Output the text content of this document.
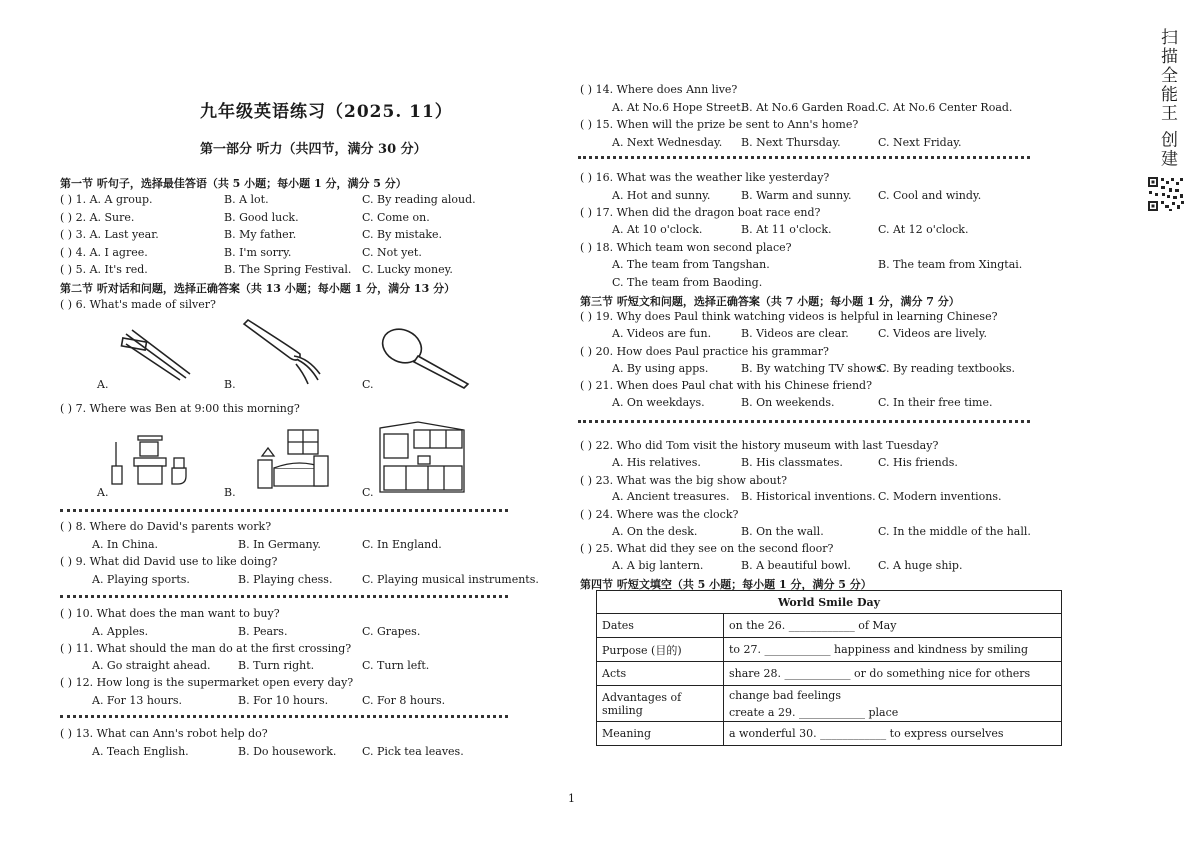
九年级英语练习（2025. 11）
第一部分 听力（共四节，满分 30 分）
第一节 听句子，选择最佳答语（共 5 小题；每小题 1 分，满分 5 分）
( ) 1. A. A group.	B. A lot.	C. By reading aloud.
( ) 2. A. Sure.	B. Good luck.	C. Come on.
( ) 3. A. Last year.	B. My father.	C. By mistake.
( ) 4. A. I agree.	B. I'm sorry.	C. Not yet.
( ) 5. A. It's red.	B. The Spring Festival. C. Lucky money.
第二节 听对话和问题，选择正确答案（共 13 小题；每小题 1 分，满分 13 分）
( ) 6. What's made of silver?
A.	B.	C.
( ) 7. Where was Ben at 9:00 this morning?
A.	B.	C.
( ) 8. Where do David's parents work?
A. In China.	B. In Germany.	C. In England.
( ) 9. What did David use to like doing?
A. Playing sports.	B. Playing chess.	C. Playing musical instruments.
( ) 10. What does the man want to buy?
A. Apples.	B. Pears.	C. Grapes.
( ) 11. What should the man do at the first crossing?
A. Go straight ahead. B. Turn right.	C. Turn left.
( ) 12. How long is the supermarket open every day?
A. For 13 hours.	B. For 10 hours.	C. For 8 hours.
( ) 13. What can Ann's robot help do?
A. Teach English.	B. Do housework. C. Pick tea leaves.
( ) 14. Where does Ann live?
A. At No.6 Hope Street.
B. At No.6 Garden Road. C. At No.6 Center Road.
( ) 15. When will the prize be sent to Ann's home?
A. Next Wednesday. B. Next Thursday.	C. Next Friday.
( ) 16. What was the weather like yesterday?
A. Hot and sunny.	B. Warm and sunny. C. Cool and windy.
( ) 17. When did the dragon boat race end?
A. At 10 o'clock.	B. At 11 o'clock.	C. At 12 o'clock.
( ) 18. Which team won second place?
A. The team from Tangshan.	B. The team from Xingtai.
C. The team from Baoding.
( ) 19. Why does Paul think watching videos is helpful in learning Chinese?
A. Videos are fun.	B. Videos are clear.	C. Videos are lively.
( ) 20. How does Paul practice his grammar?
A. By using apps.	B. By watching TV shows.
C. By reading textbooks.
( ) 21. When does Paul chat with his Chinese friend?
A. On weekdays.	B. On weekends.	C. In their free time.
( ) 22. Who did Tom visit the history museum with last Tuesday?
A. His relatives.	B. His classmates.	C. His friends.
( ) 23. What was the big show about?
A. Ancient treasures. B. Historical inventions. C. Modern inventions.
( ) 24. Where was the clock?
A. On the desk.	B. On the wall.	C. In the middle of the hall.
( ) 25. What did they see on the second floor?
A. A big lantern.	B. A beautiful bowl. C. A huge ship.
第三节 听短文和问题，选择正确答案（共 7 小题；每小题 1 分，满分 7 分）
第四节 听短文填空（共 5 小题；每小题 1 分，满分 5 分）
World Smile Day	
Dates	on the 26. ____________ of May
Purpose (目的)	to 27. ____________ happiness and kindness by smiling
Acts	share 28. ____________ or do something nice for others
Advantages of smiling	change bad feelings
create a 29. ____________ place

Meaning	a wonderful 30. ____________ to express ourselves
1
扫描全能王 创建
